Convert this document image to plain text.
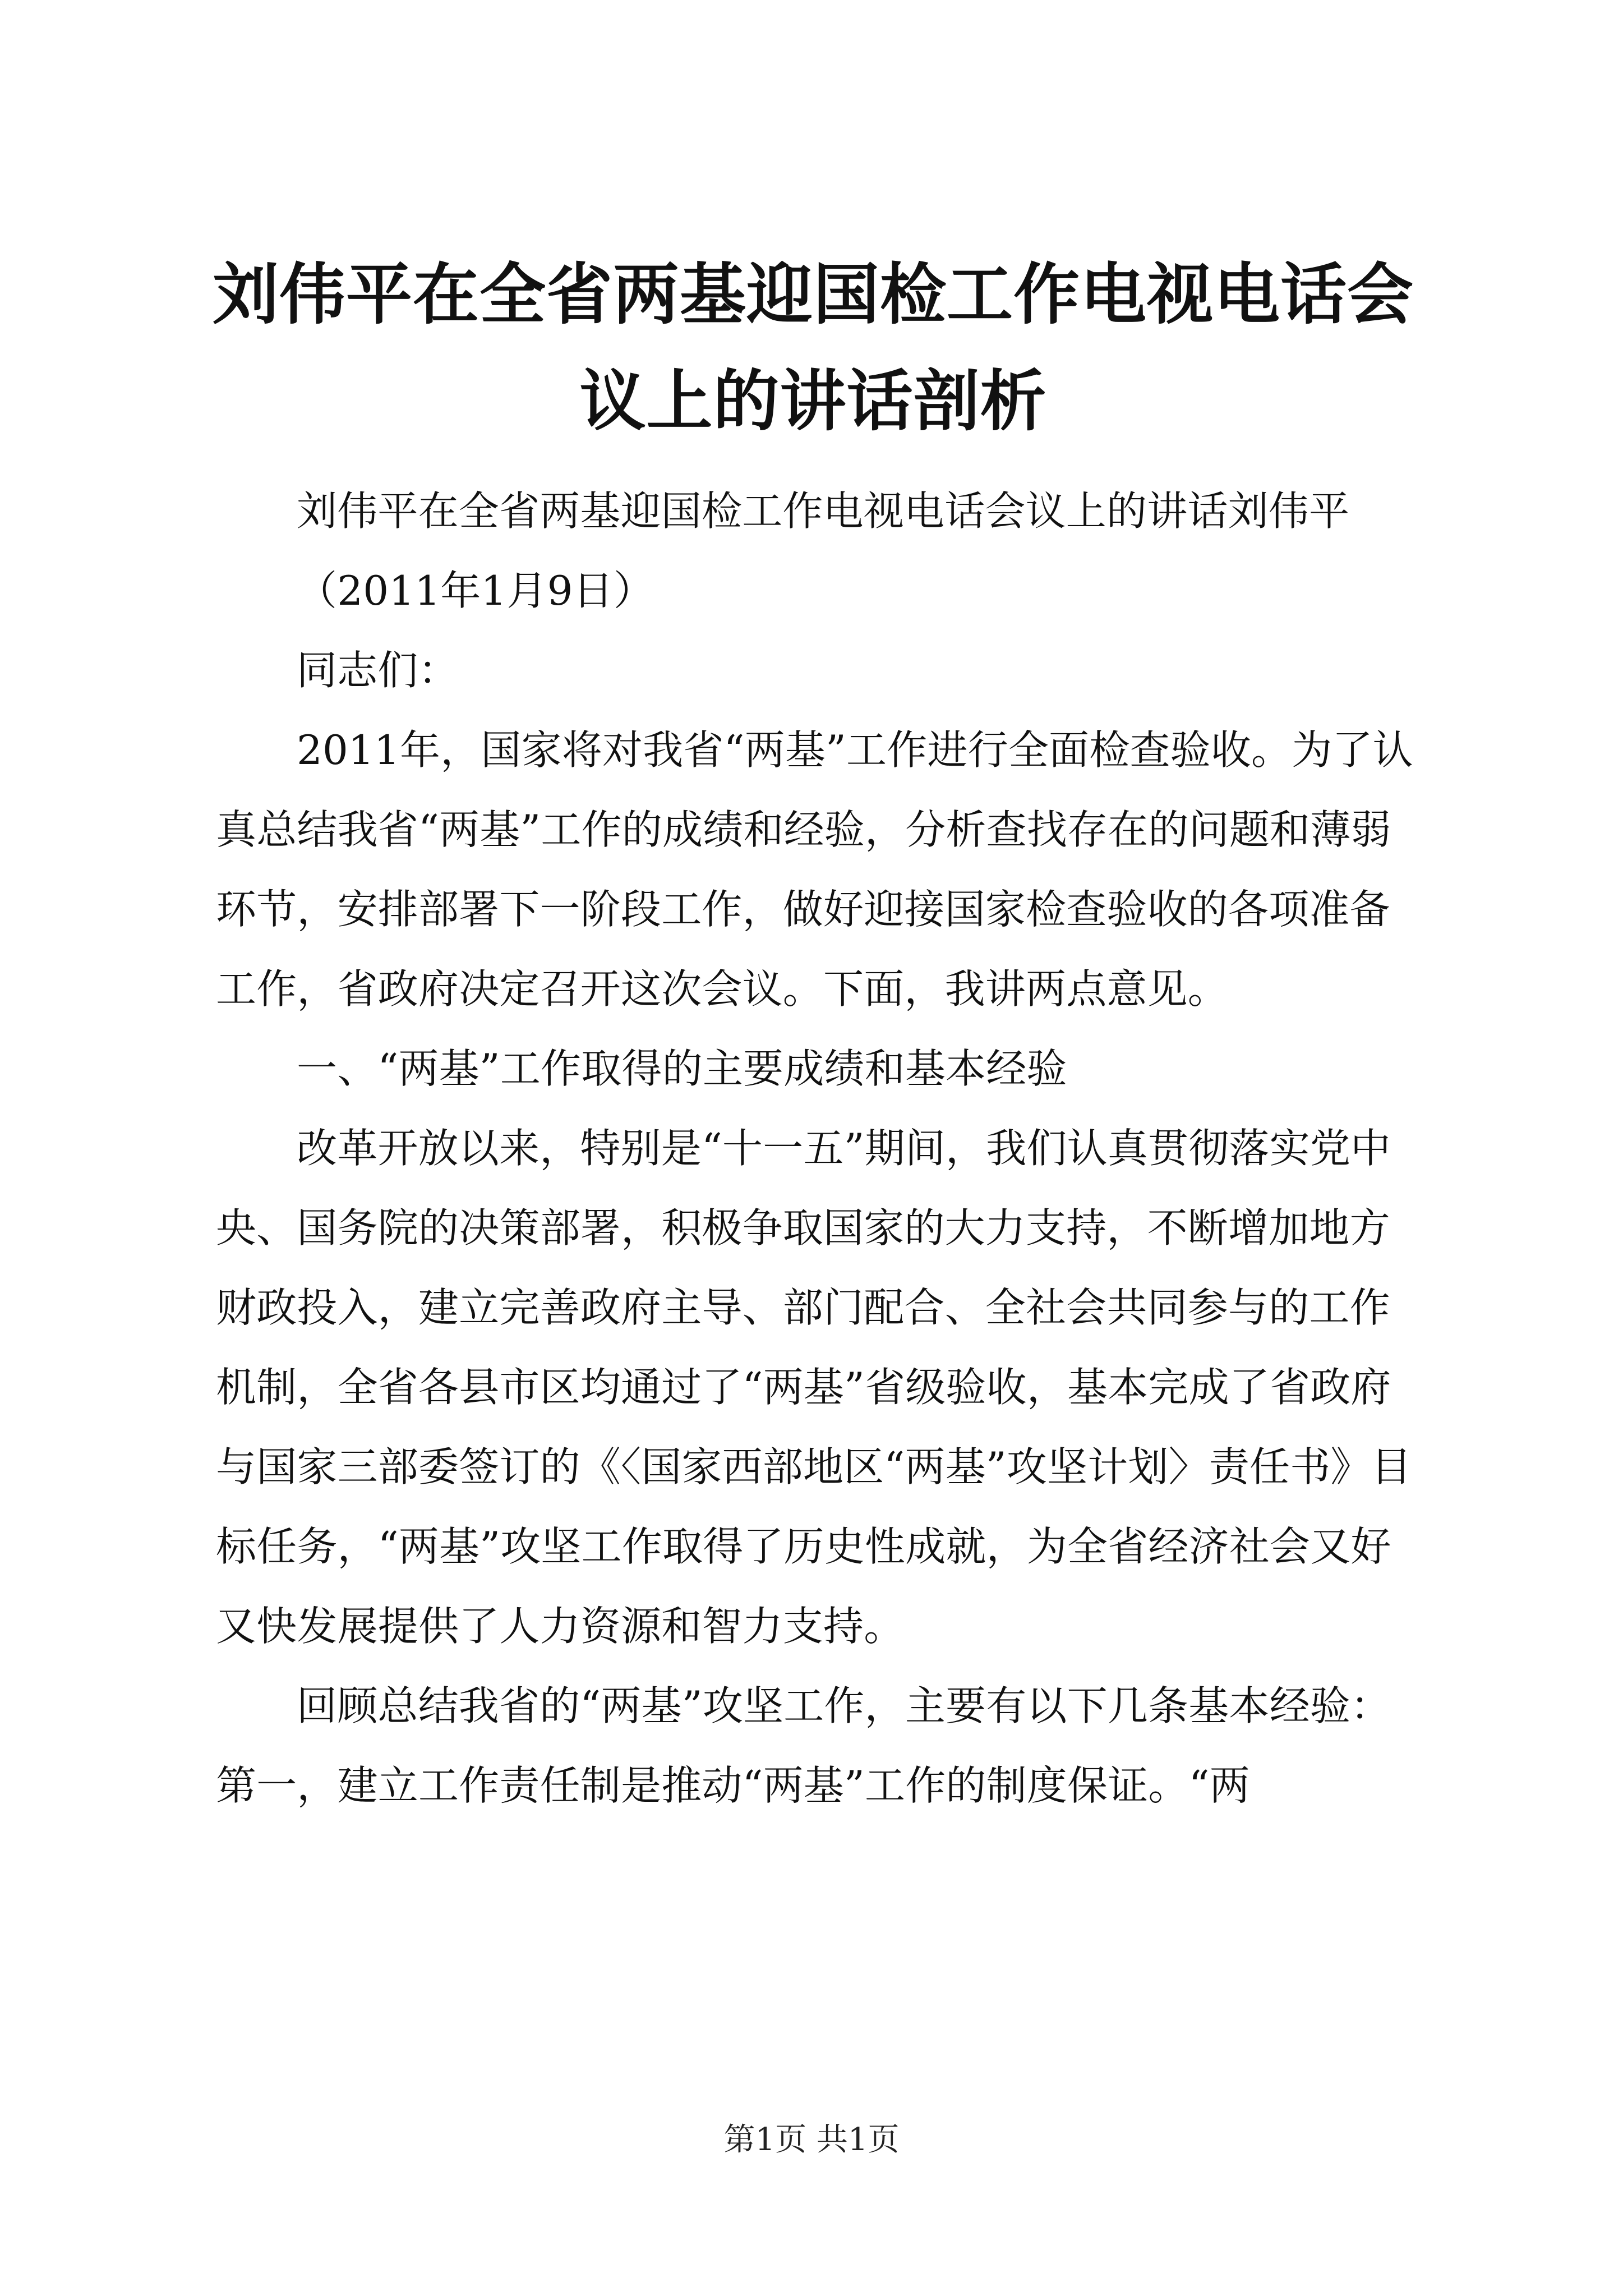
刘伟平在全省两基迎国检工作电视电话会议上的讲话剖析

刘伟平在全省两基迎国检工作电视电话会议上的讲话刘伟平

（2011年1月9日）

同志们：

2011年，国家将对我省“两基”工作进行全面检查验收。为了认真总结我省“两基”工作的成绩和经验，分析查找存在的问题和薄弱环节，安排部署下一阶段工作，做好迎接国家检查验收的各项准备工作，省政府决定召开这次会议。下面，我讲两点意见。

一、“两基”工作取得的主要成绩和基本经验

改革开放以来，特别是“十一五”期间，我们认真贯彻落实党中央、国务院的决策部署，积极争取国家的大力支持，不断增加地方财政投入，建立完善政府主导、部门配合、全社会共同参与的工作机制，全省各县市区均通过了“两基”省级验收，基本完成了省政府与国家三部委签订的《〈国家西部地区“两基”攻坚计划〉责任书》目标任务，“两基”攻坚工作取得了历史性成就，为全省经济社会又好又快发展提供了人力资源和智力支持。

回顾总结我省的“两基”攻坚工作，主要有以下几条基本经验：第一，建立工作责任制是推动“两基”工作的制度保证。“两

第1页 共1页
